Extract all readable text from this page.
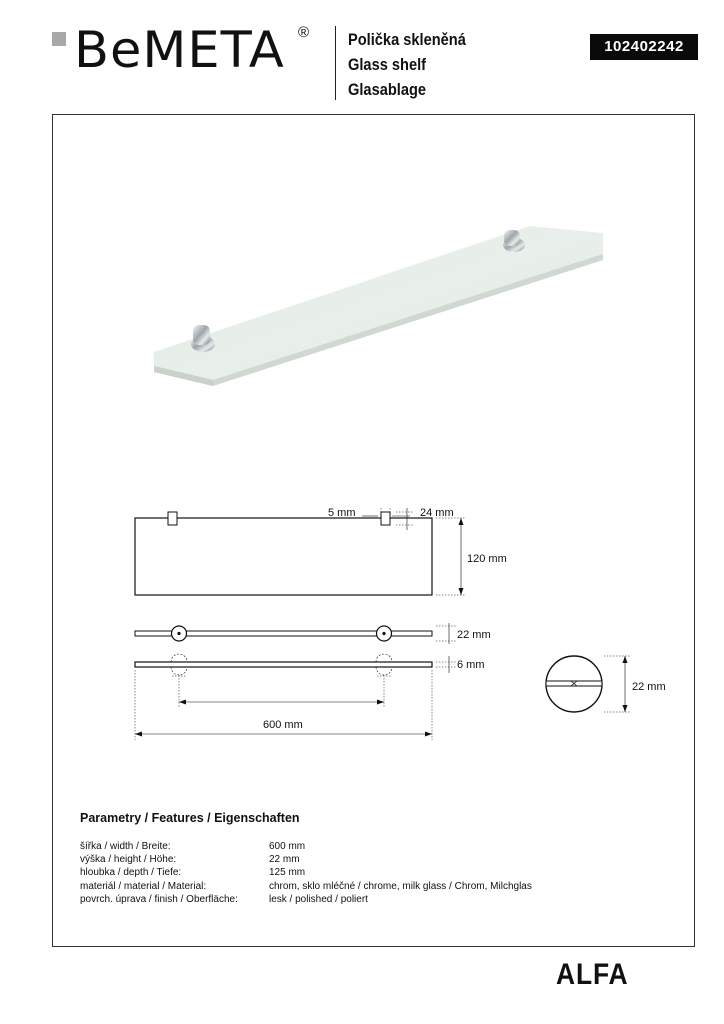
BeMETA ® Polička skleněná
Glass shelf
Glasablage
102402242
5 mm	24 mm
120 mm
22 mm
6 mm
600 mm
22 mm
Parametry / Features / Eigenschaften
šířka / width / Breite:	600 mm
výška / height / Höhe:	22 mm
hloubka / depth / Tiefe:	125 mm
materiál / material / Material:	chrom, sklo mléčné / chrome, milk glass / Chrom, Milchglas
povrch. úprava / finish / Oberfläche:	lesk / polished / poliert
ALFA
